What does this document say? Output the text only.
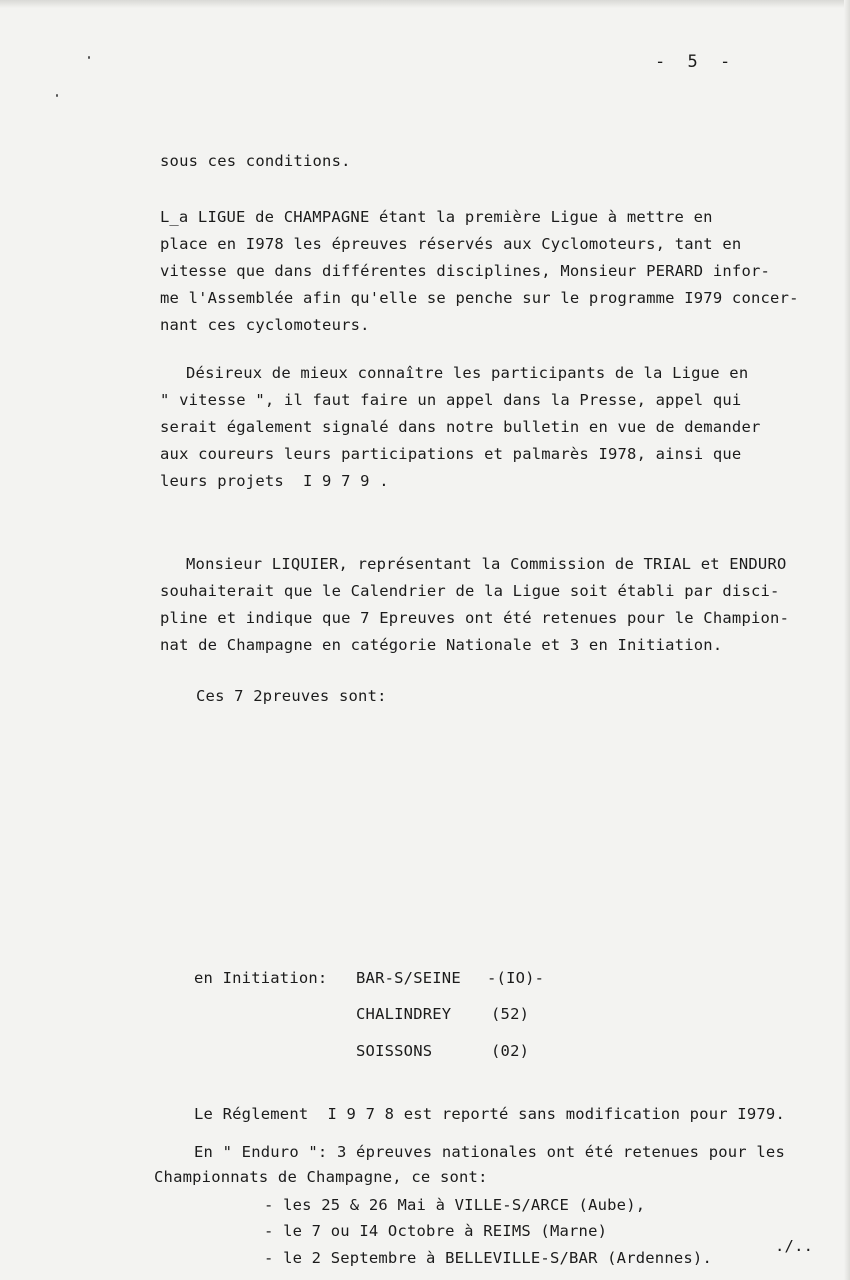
- 5 -
sous ces conditions.
L̲a LIGUE de CHAMPAGNE étant la première Ligue à mettre en
place en I978 les épreuves réservés aux Cyclomoteurs, tant en
vitesse que dans différentes disciplines, Monsieur PERARD infor-
me l'Assemblée afin qu'elle se penche sur le programme I979 concer-
nant ces cyclomoteurs.
Désireux de mieux connaître les participants de la Ligue en
" vitesse ", il faut faire un appel dans la Presse, appel qui
serait également signalé dans notre bulletin en vue de demander
aux coureurs leurs participations et palmarès I978, ainsi que
leurs projets  I 9 7 9 .
Monsieur LIQUIER, représentant la Commission de TRIAL et ENDURO
souhaiterait que le Calendrier de la Ligue soit établi par disci-
pline et indique que 7 Epreuves ont été retenues pour le Champion-
nat de Champagne en catégorie Nationale et 3 en Initiation.
Ces 7 2preuves sont:
en Initiation: BAR-S/SEINE -(IO)-
CHALINDREY	(52)
SOISSONS	(02)
Le Réglement  I 9 7 8 est reporté sans modification pour I979.
En " Enduro ": 3 épreuves nationales ont été retenues pour les
Championnats de Champagne, ce sont:
- les 25 & 26 Mai à VILLE-S/ARCE (Aube),
- le 7 ou I4 Octobre à REIMS (Marne)
- le 2 Septembre à BELLEVILLE-S/BAR (Ardennes).
./..
